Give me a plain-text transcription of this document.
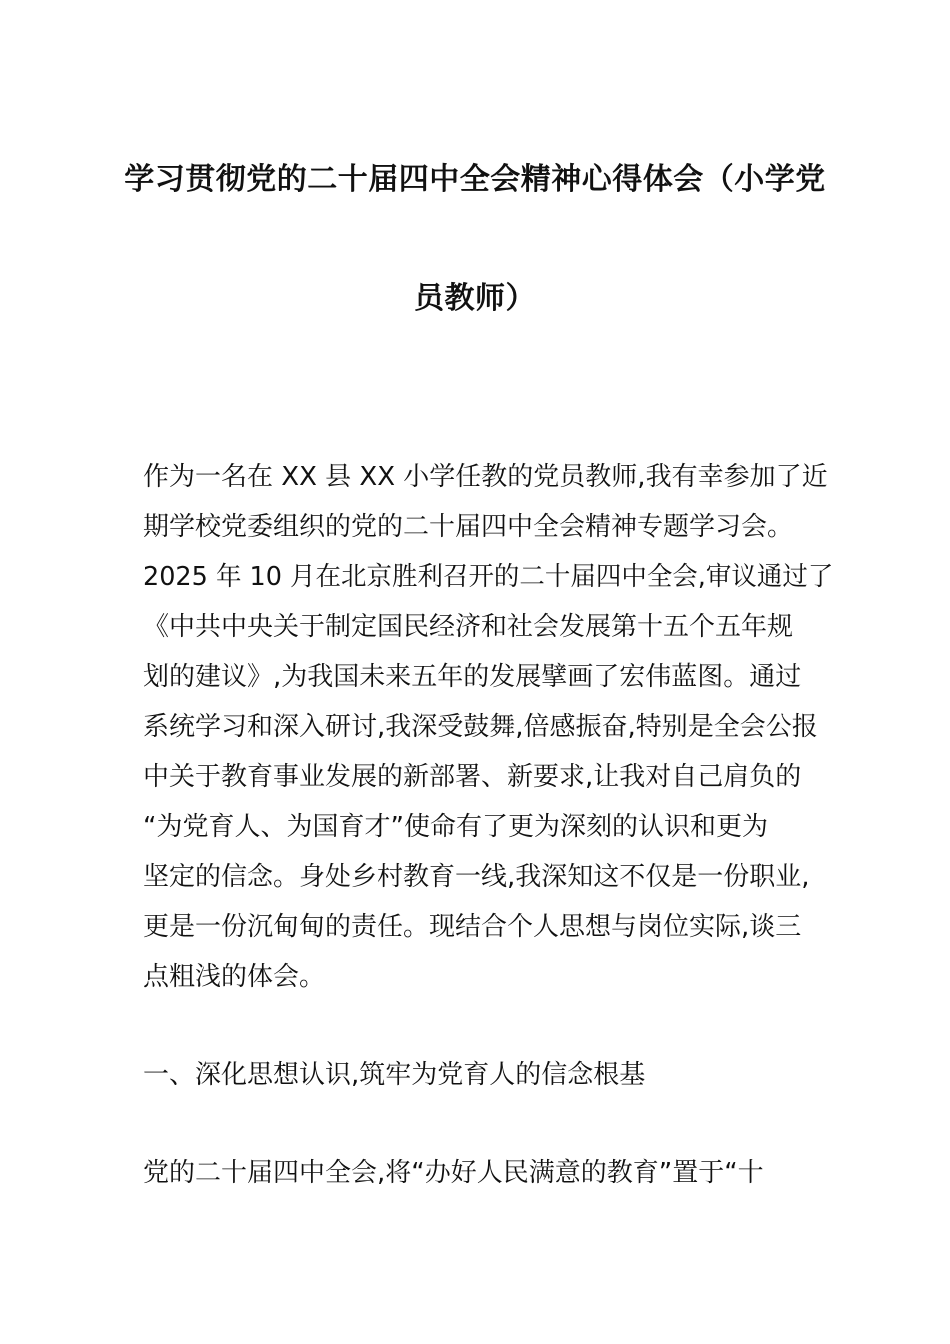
学习贯彻党的二十届四中全会精神心得体会（小学党
员教师）
作为一名在 XX 县 XX 小学任教的党员教师,我有幸参加了近
期学校党委组织的党的二十届四中全会精神专题学习会。
2025 年 10 月在北京胜利召开的二十届四中全会,审议通过了
《中共中央关于制定国民经济和社会发展第十五个五年规
划的建议》,为我国未来五年的发展擘画了宏伟蓝图。通过
系统学习和深入研讨,我深受鼓舞,倍感振奋,特别是全会公报
中关于教育事业发展的新部署、新要求,让我对自己肩负的
“为党育人、为国育才”使命有了更为深刻的认识和更为
坚定的信念。身处乡村教育一线,我深知这不仅是一份职业,
更是一份沉甸甸的责任。现结合个人思想与岗位实际,谈三
点粗浅的体会。
一、深化思想认识,筑牢为党育人的信念根基
党的二十届四中全会,将“办好人民满意的教育”置于“十
